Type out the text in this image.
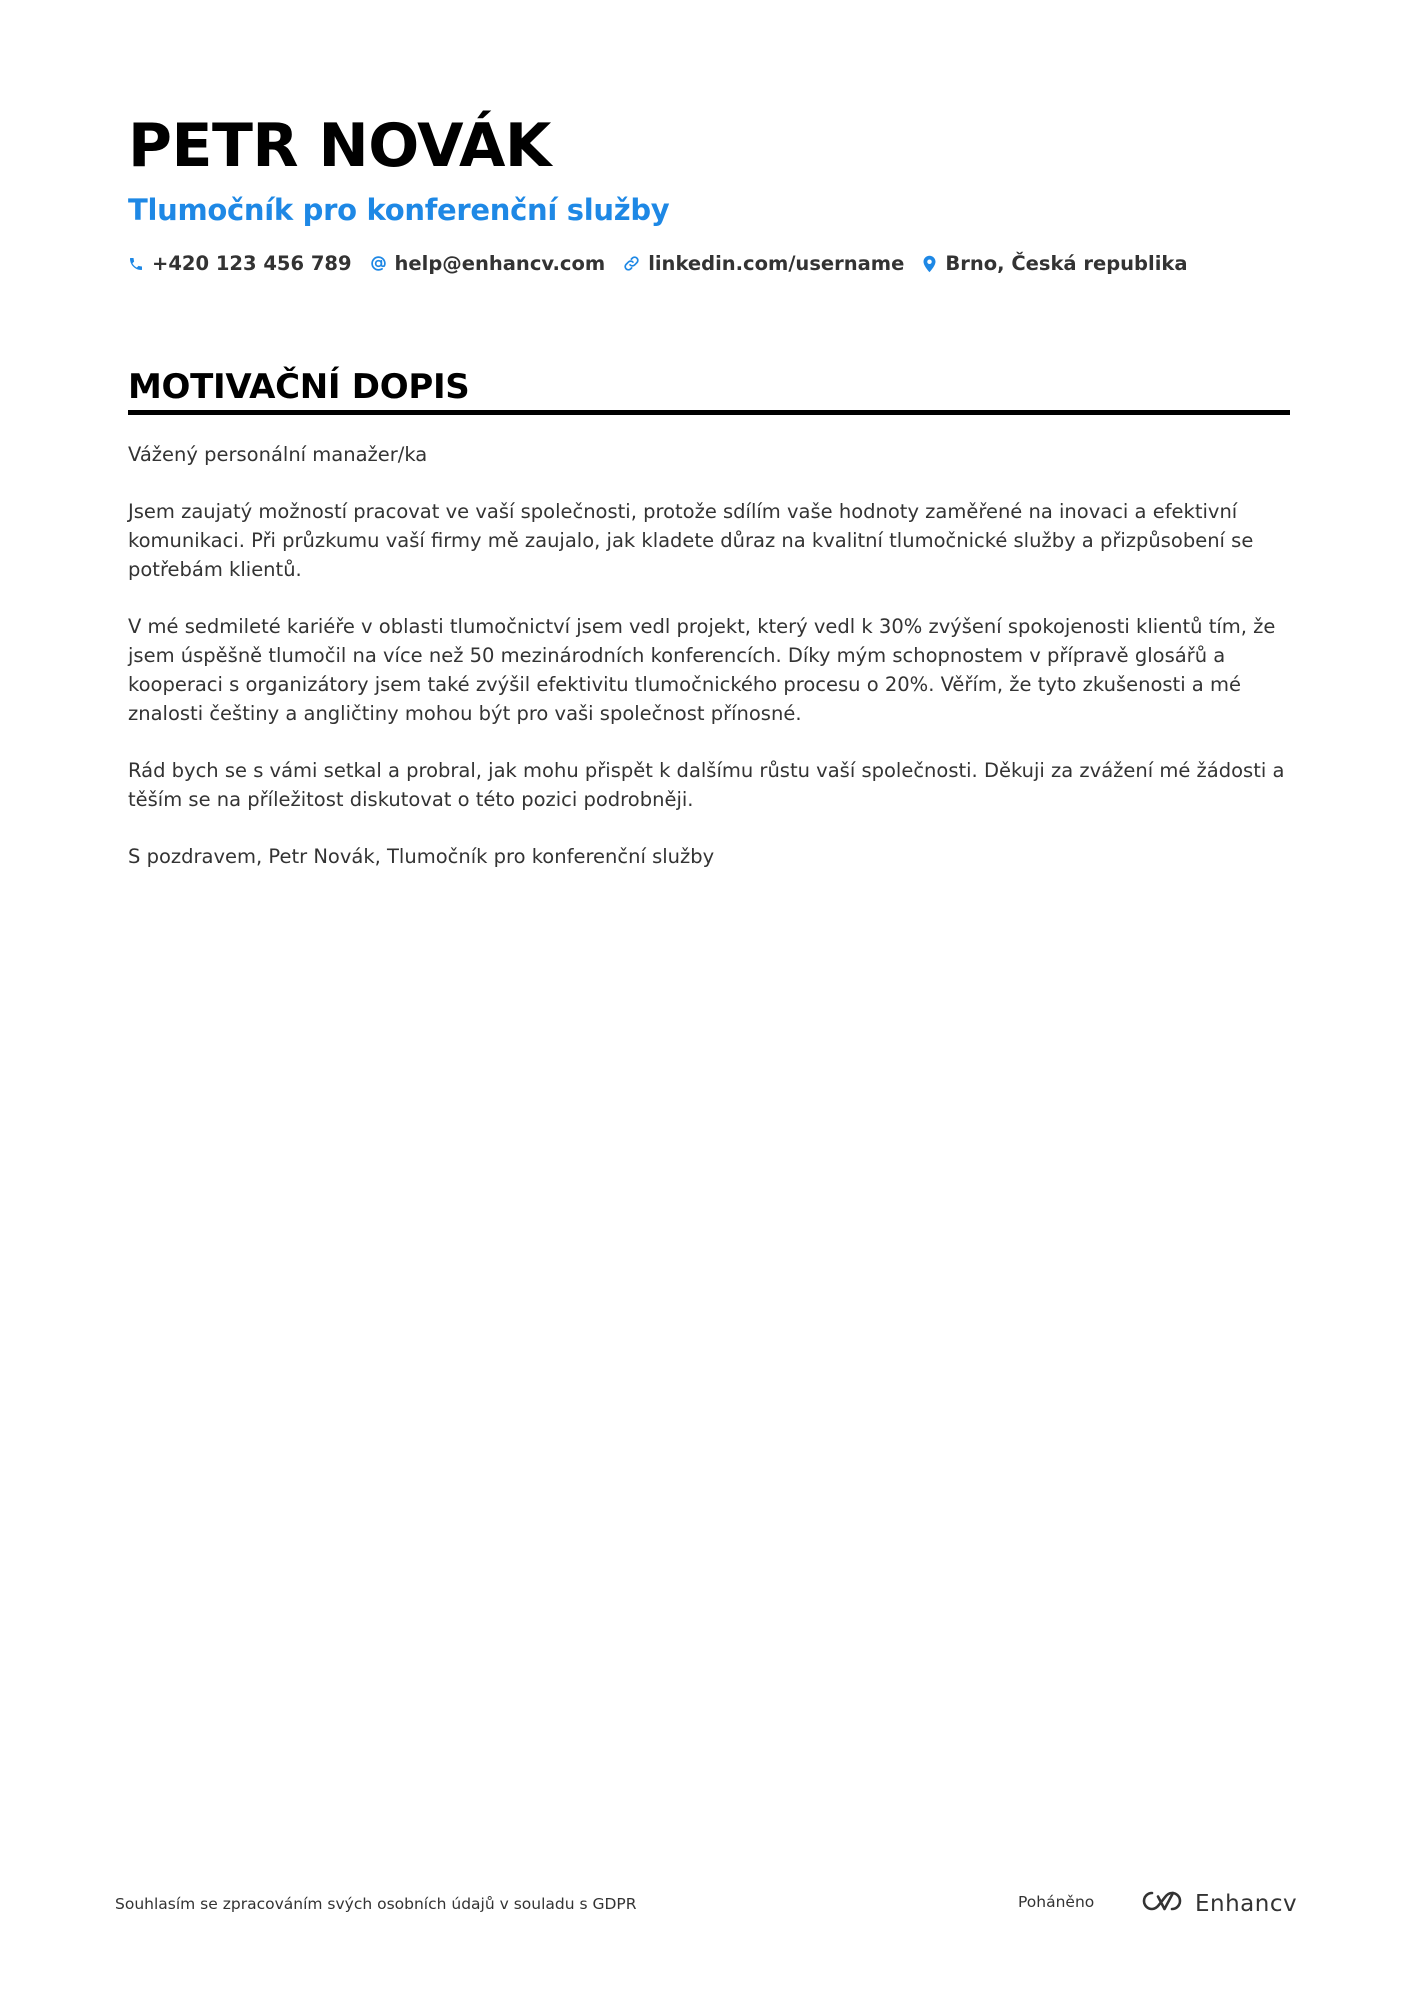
PETR NOVÁK
Tlumočník pro konferenční služby
+420 123 456 789 help@enhancv.com linkedin.com/username Brno, Česká republika
MOTIVAČNÍ DOPIS

Vážený personální manažer/ka

Jsem zaujatý možností pracovat ve vaší společnosti, protože sdílím vaše hodnoty zaměřené na inovaci a efektivní komunikaci. Při průzkumu vaší firmy mě zaujalo, jak kladete důraz na kvalitní tlumočnické služby a přizpůsobení se potřebám klientů.

V mé sedmileté kariéře v oblasti tlumočnictví jsem vedl projekt, který vedl k 30% zvýšení spokojenosti klientů tím, že jsem úspěšně tlumočil na více než 50 mezinárodních konferencích. Díky mým schopnostem v přípravě glosářů a kooperaci s organizátory jsem také zvýšil efektivitu tlumočnického procesu o 20%. Věřím, že tyto zkušenosti a mé znalosti češtiny a angličtiny mohou být pro vaši společnost přínosné.

Rád bych se s vámi setkal a probral, jak mohu přispět k dalšímu růstu vaší společnosti. Děkuji za zvážení mé žádosti a těším se na příležitost diskutovat o této pozici podrobněji.

S pozdravem, Petr Novák, Tlumočník pro konferenční služby

Souhlasím se zpracováním svých osobních údajů v souladu s GDPR	Poháněno	Enhancv
